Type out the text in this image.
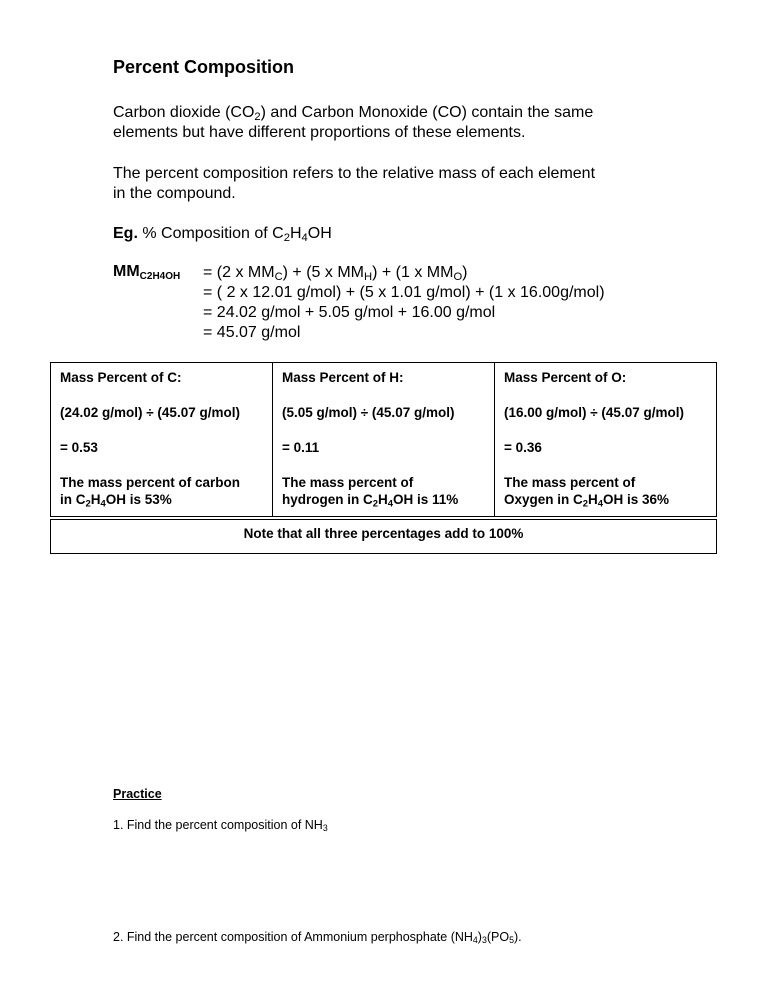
Percent Composition
Carbon dioxide $(CO_2)$ and Carbon Monoxide (CO) contain the same
elements but have different proportions of these elements.
The percent composition refers to the relative mass of each element
in the compound.
Eg. % Composition of $C_2H_4OH$
$MM_{C2H4OH} = (2$ x $MM_C) + (5$ x $MM_H) + (1$ x $MM_O$)
= ( 2 x 12.01 g/mol) + (5 x 1.01 g/mol) + (1 x 16.00g/mol)
= 24.02 g/mol + 5.05 g/mol + 16.00 g/mol
= 45.07 g/mol

Mass Percent of C:

(24.02 g/mol) ÷ (45.07 g/mol)

= 0.53

The mass percent of carbon
in $C_2H_4OH$ is 53%

Mass Percent of H:

(5.05 g/mol) ÷ (45.07 g/mol)

= 0.11

The mass percent of
hydrogen in $C_2H_4OH$ is 11%

Mass Percent of O:

(16.00 g/mol) ÷ (45.07 g/mol)

= 0.36

The mass percent of
Oxygen in $C_2H_4OH$ is 36%

Note that all three percentages add to 100%
Practice
1. Find the percent composition of $NH_3$
2. Find the percent composition of Ammonium perphosphate $(NH_4)_3(PO_5)$.
